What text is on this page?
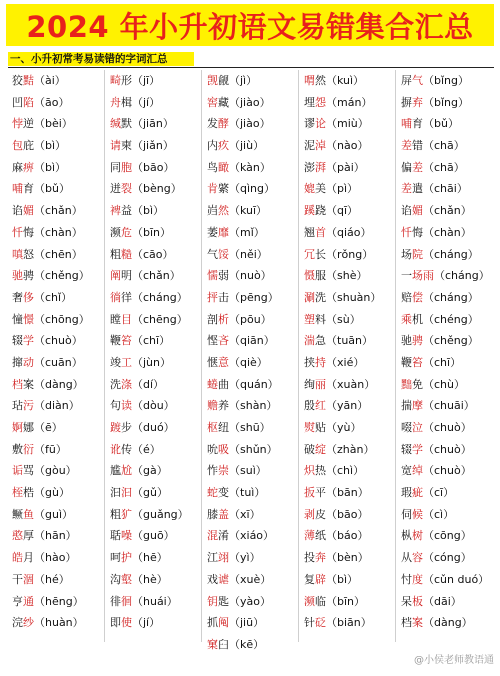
2024 年小升初语文易错集合汇总
一、小升初常考易读错的字词汇总
狡黠（ài）
凹陷（āo）
悖逆（bèi）
包庇（bì）
麻痹（bì）
哺育（bǔ）
谄媚（chǎn）
忏悔（chàn）
嗔怒（chēn）
驰骋（chěng）
奢侈（chǐ）
憧憬（chōng）
辍学（chuò）
撺动（cuān）
档案（dàng）
玷污（diàn）
婀娜（ē）
敷衍（fū）
诟骂（gòu）
桎梏（gù）
鳜鱼（guì）
憨厚（hān）
皓月（hào）
干涸（hé）
亨通（hēng）
浣纱（huàn）
畸形（jī）
舟楫（jí）
缄默（jiān）
请柬（jiǎn）
同胞（bāo）
迸裂（bèng）
裨益（bì）
濒危（bīn）
粗糙（cāo）
阐明（chǎn）
徜徉（cháng）
瞠目（chēng）
鞭笞（chī）
竣工（jùn）
洗涤（dí）
句读（dòu）
踱步（duó）
讹传（é）
尴尬（gà）
汩汩（gǔ）
粗犷（guǎng）
聒噪（guō）
呵护（hē）
沟壑（hè）
徘徊（huái）
即使（jí）
觊觎（jì）
窖藏（jiào）
发酵（jiào）
内疚（jiù）
鸟瞰（kàn）
肯綮（qìng）
岿然（kuī）
萎靡（mǐ）
气馁（něi）
懦弱（nuò）
抨击（pēng）
剖析（pōu）
悭吝（qiān）
惬意（qiè）
蜷曲（quán）
赡养（shàn）
枢纽（shū）
吮吸（shǔn）
怍崇（suì）
蛇变（tuì）
膝盖（xī）
混淆（xiáo）
江翊（yì）
戏谑（xuè）
钥匙（yào）
抓阄（jiū）
窠臼（kē）
喟然（kuì）
埋怨（mán）
谬论（miù）
泥淖（nào）
澎湃（pài）
媲美（pì）
蹊跷（qī）
翘首（qiáo）
冗长（rǒng）
慑服（shè）
涮洗（shuàn）
塑料（sù）
湍急（tuān）
挟持（xié）
绚丽（xuàn）
殷红（yān）
熨贴（yù）
破绽（zhàn）
炽热（chì）
扳平（bān）
剥皮（bāo）
薄纸（báo）
投奔（bèn）
复辟（bì）
濒临（bīn）
针砭（biān）
屏气（bǐng）
摒弃（bǐng）
哺育（bǔ）
差错（chā）
偏差（chā）
差遣（chāi）
谄媚（chǎn）
忏悔（chàn）
场院（cháng）
一场雨（cháng）
赔偿（cháng）
乘机（chéng）
驰骋（chěng）
鞭笞（chī）
黜免（chù）
揣摩（chuāi）
啜泣（chuò）
辍学（chuò）
宽绰（chuò）
瑕疵（cī）
伺候（cì）
枞树（cōng）
从容（cóng）
忖度（cǔn duó）
呆板（dāi）
档案（dàng）
@小侯老师教语通
